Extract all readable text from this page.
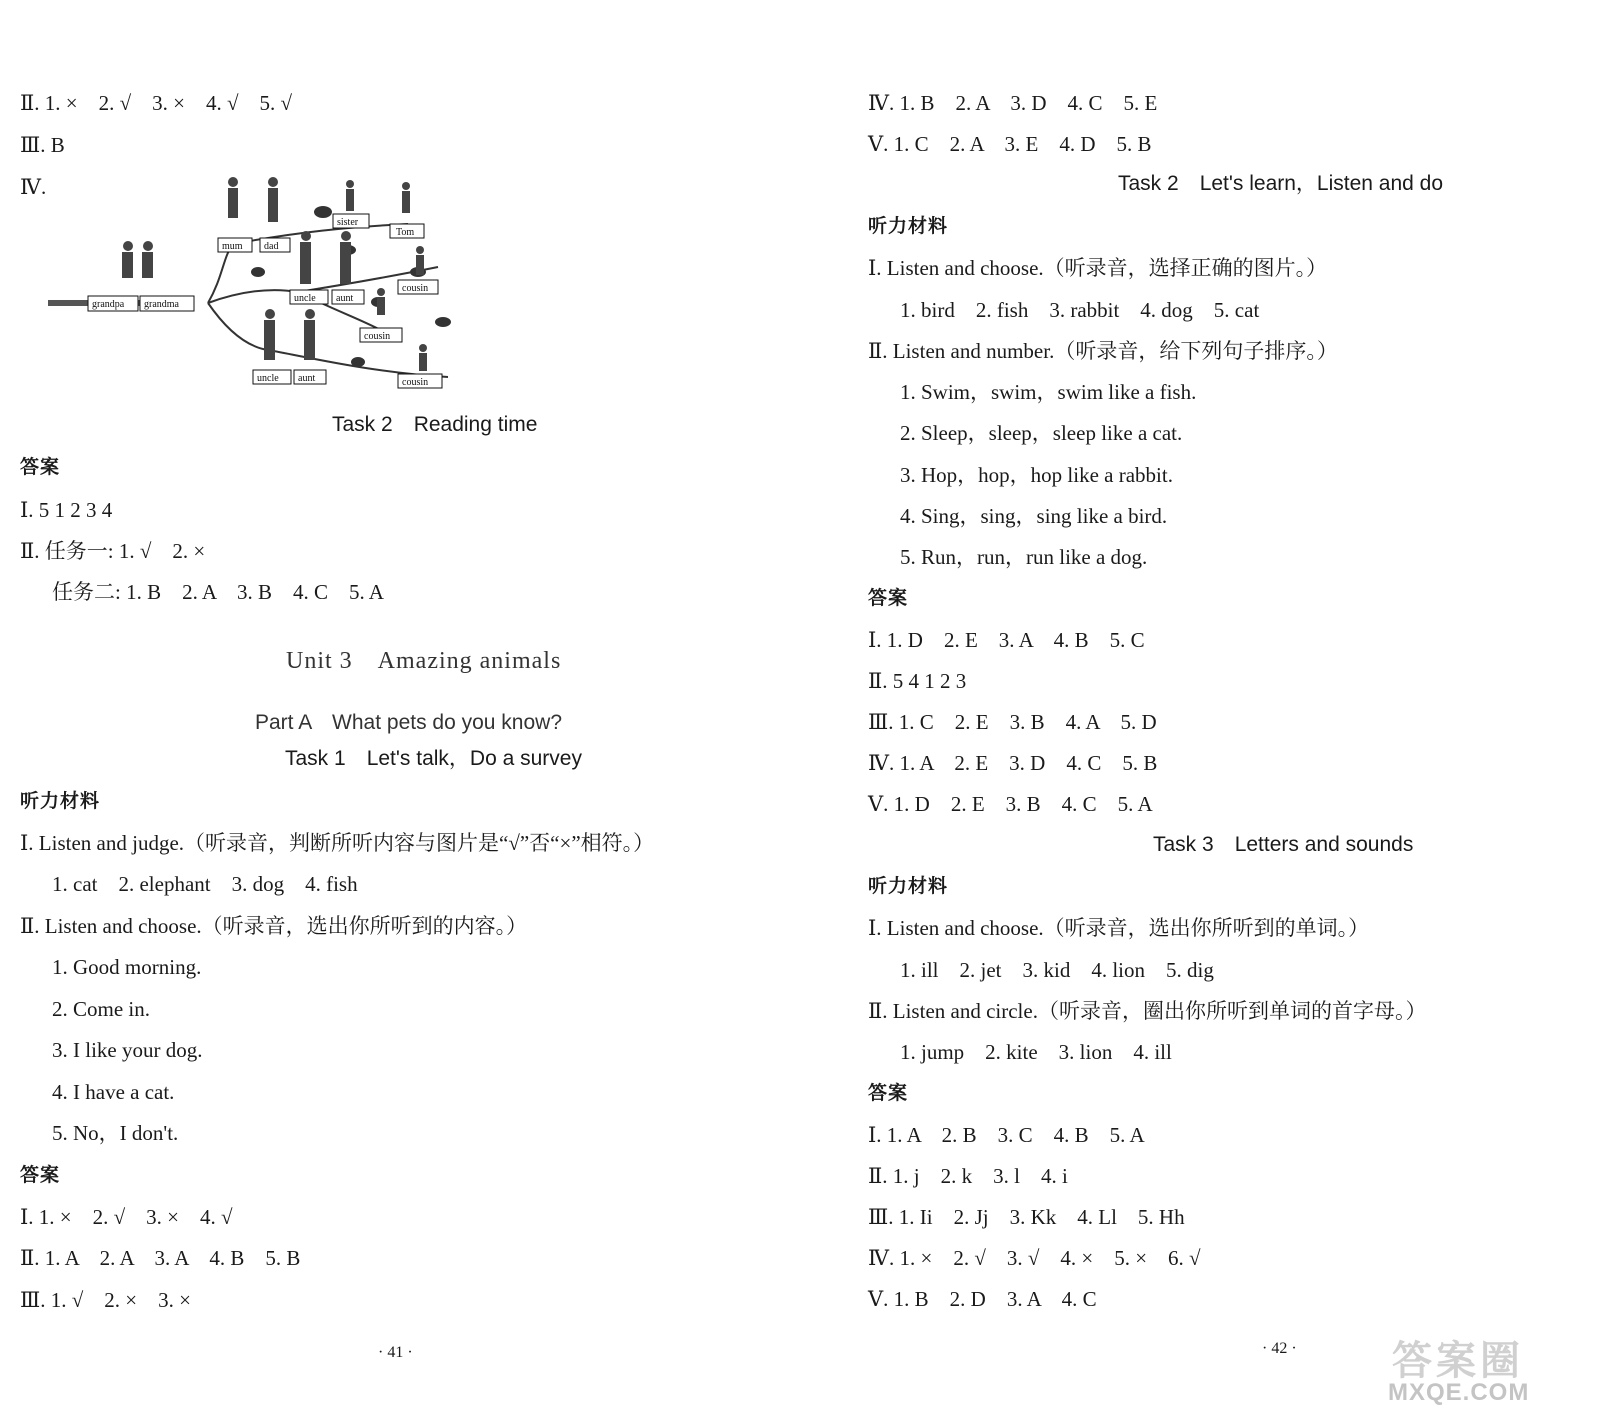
Ⅱ. 1. ×　2. √　3. ×　4. √　5. √
Ⅲ. B
Ⅳ.
mum dad
sister
Tom
grandpa grandma
uncle aunt
cousin
cousin
uncle aunt	cousin
Task 2　Reading time
答案
Ⅰ. 5 1 2 3 4
Ⅱ. 任务一: 1. √　2. ×
任务二: 1. B　2. A　3. B　4. C　5. A
Unit 3　Amazing animals
Part A　What pets do you know?
Task 1　Let's talk，Do a survey
听力材料
Ⅰ. Listen and judge.（听录音，判断所听内容与图片是“√”否“×”相符。）
1. cat　2. elephant　3. dog　4. fish
Ⅱ. Listen and choose.（听录音，选出你所听到的内容。）
1. Good morning.
2. Come in.
3. I like your dog.
4. I have a cat.
5. No，I don't.
答案
Ⅰ. 1. ×　2. √　3. ×　4. √
Ⅱ. 1. A　2. A　3. A　4. B　5. B
Ⅲ. 1. √　2. ×　3. ×
· 41 ·
Ⅳ. 1. B　2. A　3. D　4. C　5. E
Ⅴ. 1. C　2. A　3. E　4. D　5. B
Task 2　Let's learn，Listen and do
听力材料
Ⅰ. Listen and choose.（听录音，选择正确的图片。）
1. bird　2. fish　3. rabbit　4. dog　5. cat
Ⅱ. Listen and number.（听录音，给下列句子排序。）
1. Swim，swim，swim like a fish.
2. Sleep，sleep，sleep like a cat.
3. Hop，hop，hop like a rabbit.
4. Sing，sing，sing like a bird.
5. Run，run，run like a dog.
答案
Ⅰ. 1. D　2. E　3. A　4. B　5. C
Ⅱ. 5 4 1 2 3
Ⅲ. 1. C　2. E　3. B　4. A　5. D
Ⅳ. 1. A　2. E　3. D　4. C　5. B
Ⅴ. 1. D　2. E　3. B　4. C　5. A
Task 3　Letters and sounds
听力材料
Ⅰ. Listen and choose.（听录音，选出你所听到的单词。）
1. ill　2. jet　3. kid　4. lion　5. dig
Ⅱ. Listen and circle.（听录音，圈出你所听到单词的首字母。）
1. jump　2. kite　3. lion　4. ill
答案
Ⅰ. 1. A　2. B　3. C　4. B　5. A
Ⅱ. 1. j　2. k　3. l　4. i
Ⅲ. 1. Ii　2. Jj　3. Kk　4. Ll　5. Hh
Ⅳ. 1. ×　2. √　3. √　4. ×　5. ×　6. √
Ⅴ. 1. B　2. D　3. A　4. C
· 42 · 答案圈
MXQE.COM
